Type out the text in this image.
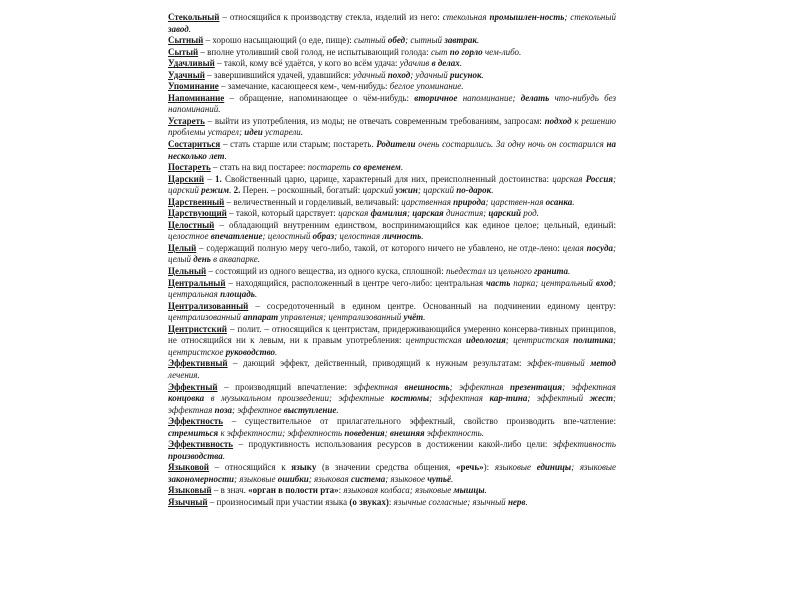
Стекольный – относящийся к производству стекла, изделий из него: стекольная промышлен-ность; стекольный завод.

Сытный – хорошо насыщающий (о еде, пище): сытный обед; сытный завтрак.

Сытый – вполне утоливший свой голод, не испытывающий голода: сыт по горло чем-либо.

Удачливый – такой, кому всё удаётся, у кого во всём удача: удачлив в делах.

Удачный – завершившийся удачей, удавшийся: удачный поход; удачный рисунок.

Упоминание – замечание, касающееся кем-, чем-нибудь: беглое упоминание.

Напоминание – обращение, напоминающее о чём-нибудь: вторичное напоминание; делать что-нибудь без напоминаний.

Устареть – выйти из употребления, из моды; не отвечать современным требованиям, запросам: подход к решению проблемы устарел; идеи устарели.

Состариться – стать старше или старым; постареть. Родители очень состарились. За одну ночь он состарился на несколько лет.

Постареть – стать на вид постарее: постареть со временем.

Царский – 1. Свойственный царю, царице, характерный для них, преисполненный достоинства: царская Россия; царский режим. 2. Перен. – роскошный, богатый: царский ужин; царский по-дарок.

Царственный – величественный и горделивый, величавый: царственная природа; царствен-ная осанка.

Царствующий – такой, который царствует: царская фамилия; царская династия; царский род.

Целостный – обладающий внутренним единством, воспринимающийся как единое целое; цельный, единый: целостное впечатление; целостный образ; целостная личность.

Целый – содержащий полную меру чего-либо, такой, от которого ничего не убавлено, не отде-лено: целая посуда; целый день в аквапарке.

Цельный – состоящий из одного вещества, из одного куска, сплошной: пьедестал из цельного гранита.

Центральный – находящийся, расположенный в центре чего-либо: центральная часть парка; центральный вход; центральная площадь.

Централизованный – сосредоточенный в едином центре. Основанный на подчинении единому центру: централизованный аппарат управления; централизованный учёт.

Центристский – полит. – относящийся к центристам, придерживающийся умеренно консерва-тивных принципов, не относящийся ни к левым, ни к правым употребления: центристская идеология; центристская политика; центристское руководство.

Эффективный – дающий эффект, действенный, приводящий к нужным результатам: эффек-тивный метод лечения.

Эффектный – производящий впечатление: эффектная внешность; эффектная презентация; эффектная концовка в музыкальном произведении; эффектные костюмы; эффектная кар-тина; эффектный жест; эффектная поза; эффектное выступление.

Эффектность – существительное от прилагательного эффектный, свойство производить впе-чатление: стремиться к эффектности; эффектность поведения; внешняя эффектность.

Эффективность – продуктивность использования ресурсов в достижении какой-либо цели: эффективность производства.

Языковой – относящийся к языку (в значении средства общения, «речь»): языковые единицы; языковые закономерности; языковые ошибки; языковая система; языковое чутьё.

Языковый – в знач. «орган в полости рта»: языковая колбаса; языковые мышцы.

Язычный – произносимый при участии языка (о звуках): язычные согласные; язычный нерв.
